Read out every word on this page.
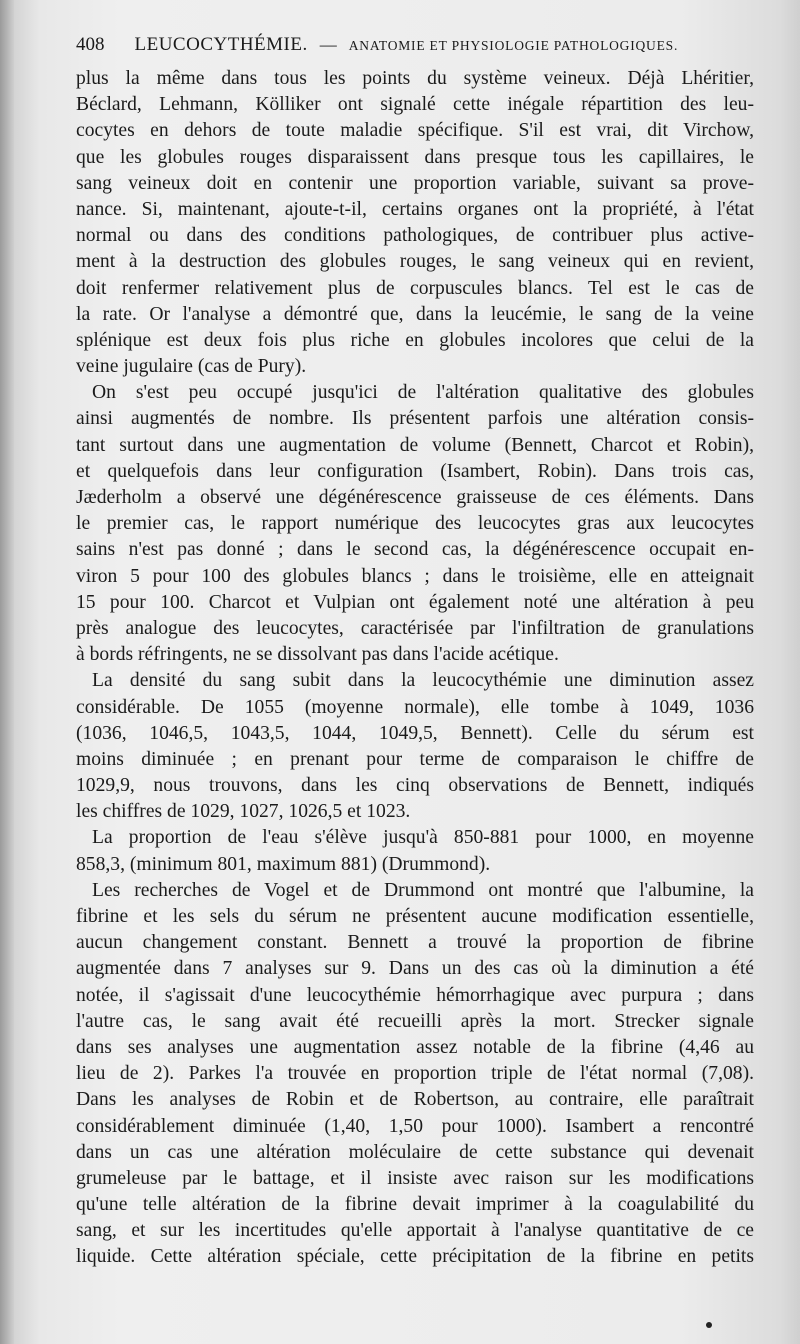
408 LEUCOCYTHÉMIE. — ANATOMIE ET PHYSIOLOGIE PATHOLOGIQUES.
plus la même dans tous les points du système veineux. Déjà Lhéritier,
Béclard, Lehmann, Kölliker ont signalé cette inégale répartition des leu-
cocytes en dehors de toute maladie spécifique. S'il est vrai, dit Virchow,
que les globules rouges disparaissent dans presque tous les capillaires, le
sang veineux doit en contenir une proportion variable, suivant sa prove-
nance. Si, maintenant, ajoute-t-il, certains organes ont la propriété, à l'état
normal ou dans des conditions pathologiques, de contribuer plus active-
ment à la destruction des globules rouges, le sang veineux qui en revient,
doit renfermer relativement plus de corpuscules blancs. Tel est le cas de
la rate. Or l'analyse a démontré que, dans la leucémie, le sang de la veine
splénique est deux fois plus riche en globules incolores que celui de la
veine jugulaire (cas de Pury).
On s'est peu occupé jusqu'ici de l'altération qualitative des globules
ainsi augmentés de nombre. Ils présentent parfois une altération consis-
tant surtout dans une augmentation de volume (Bennett, Charcot et Robin),
et quelquefois dans leur configuration (Isambert, Robin). Dans trois cas,
Jæderholm a observé une dégénérescence graisseuse de ces éléments. Dans
le premier cas, le rapport numérique des leucocytes gras aux leucocytes
sains n'est pas donné ; dans le second cas, la dégénérescence occupait en-
viron 5 pour 100 des globules blancs ; dans le troisième, elle en atteignait
15 pour 100. Charcot et Vulpian ont également noté une altération à peu
près analogue des leucocytes, caractérisée par l'infiltration de granulations
à bords réfringents, ne se dissolvant pas dans l'acide acétique.
La densité du sang subit dans la leucocythémie une diminution assez
considérable. De 1055 (moyenne normale), elle tombe à 1049, 1036
(1036, 1046,5, 1043,5, 1044, 1049,5, Bennett). Celle du sérum est
moins diminuée ; en prenant pour terme de comparaison le chiffre de
1029,9, nous trouvons, dans les cinq observations de Bennett, indiqués
les chiffres de 1029, 1027, 1026,5 et 1023.
La proportion de l'eau s'élève jusqu'à 850-881 pour 1000, en moyenne
858,3, (minimum 801, maximum 881) (Drummond).
Les recherches de Vogel et de Drummond ont montré que l'albumine, la
fibrine et les sels du sérum ne présentent aucune modification essentielle,
aucun changement constant. Bennett a trouvé la proportion de fibrine
augmentée dans 7 analyses sur 9. Dans un des cas où la diminution a été
notée, il s'agissait d'une leucocythémie hémorrhagique avec purpura ; dans
l'autre cas, le sang avait été recueilli après la mort. Strecker signale
dans ses analyses une augmentation assez notable de la fibrine (4,46 au
lieu de 2). Parkes l'a trouvée en proportion triple de l'état normal (7,08).
Dans les analyses de Robin et de Robertson, au contraire, elle paraîtrait
considérablement diminuée (1,40, 1,50 pour 1000). Isambert a rencontré
dans un cas une altération moléculaire de cette substance qui devenait
grumeleuse par le battage, et il insiste avec raison sur les modifications
qu'une telle altération de la fibrine devait imprimer à la coagulabilité du
sang, et sur les incertitudes qu'elle apportait à l'analyse quantitative de ce
liquide. Cette altération spéciale, cette précipitation de la fibrine en petits
